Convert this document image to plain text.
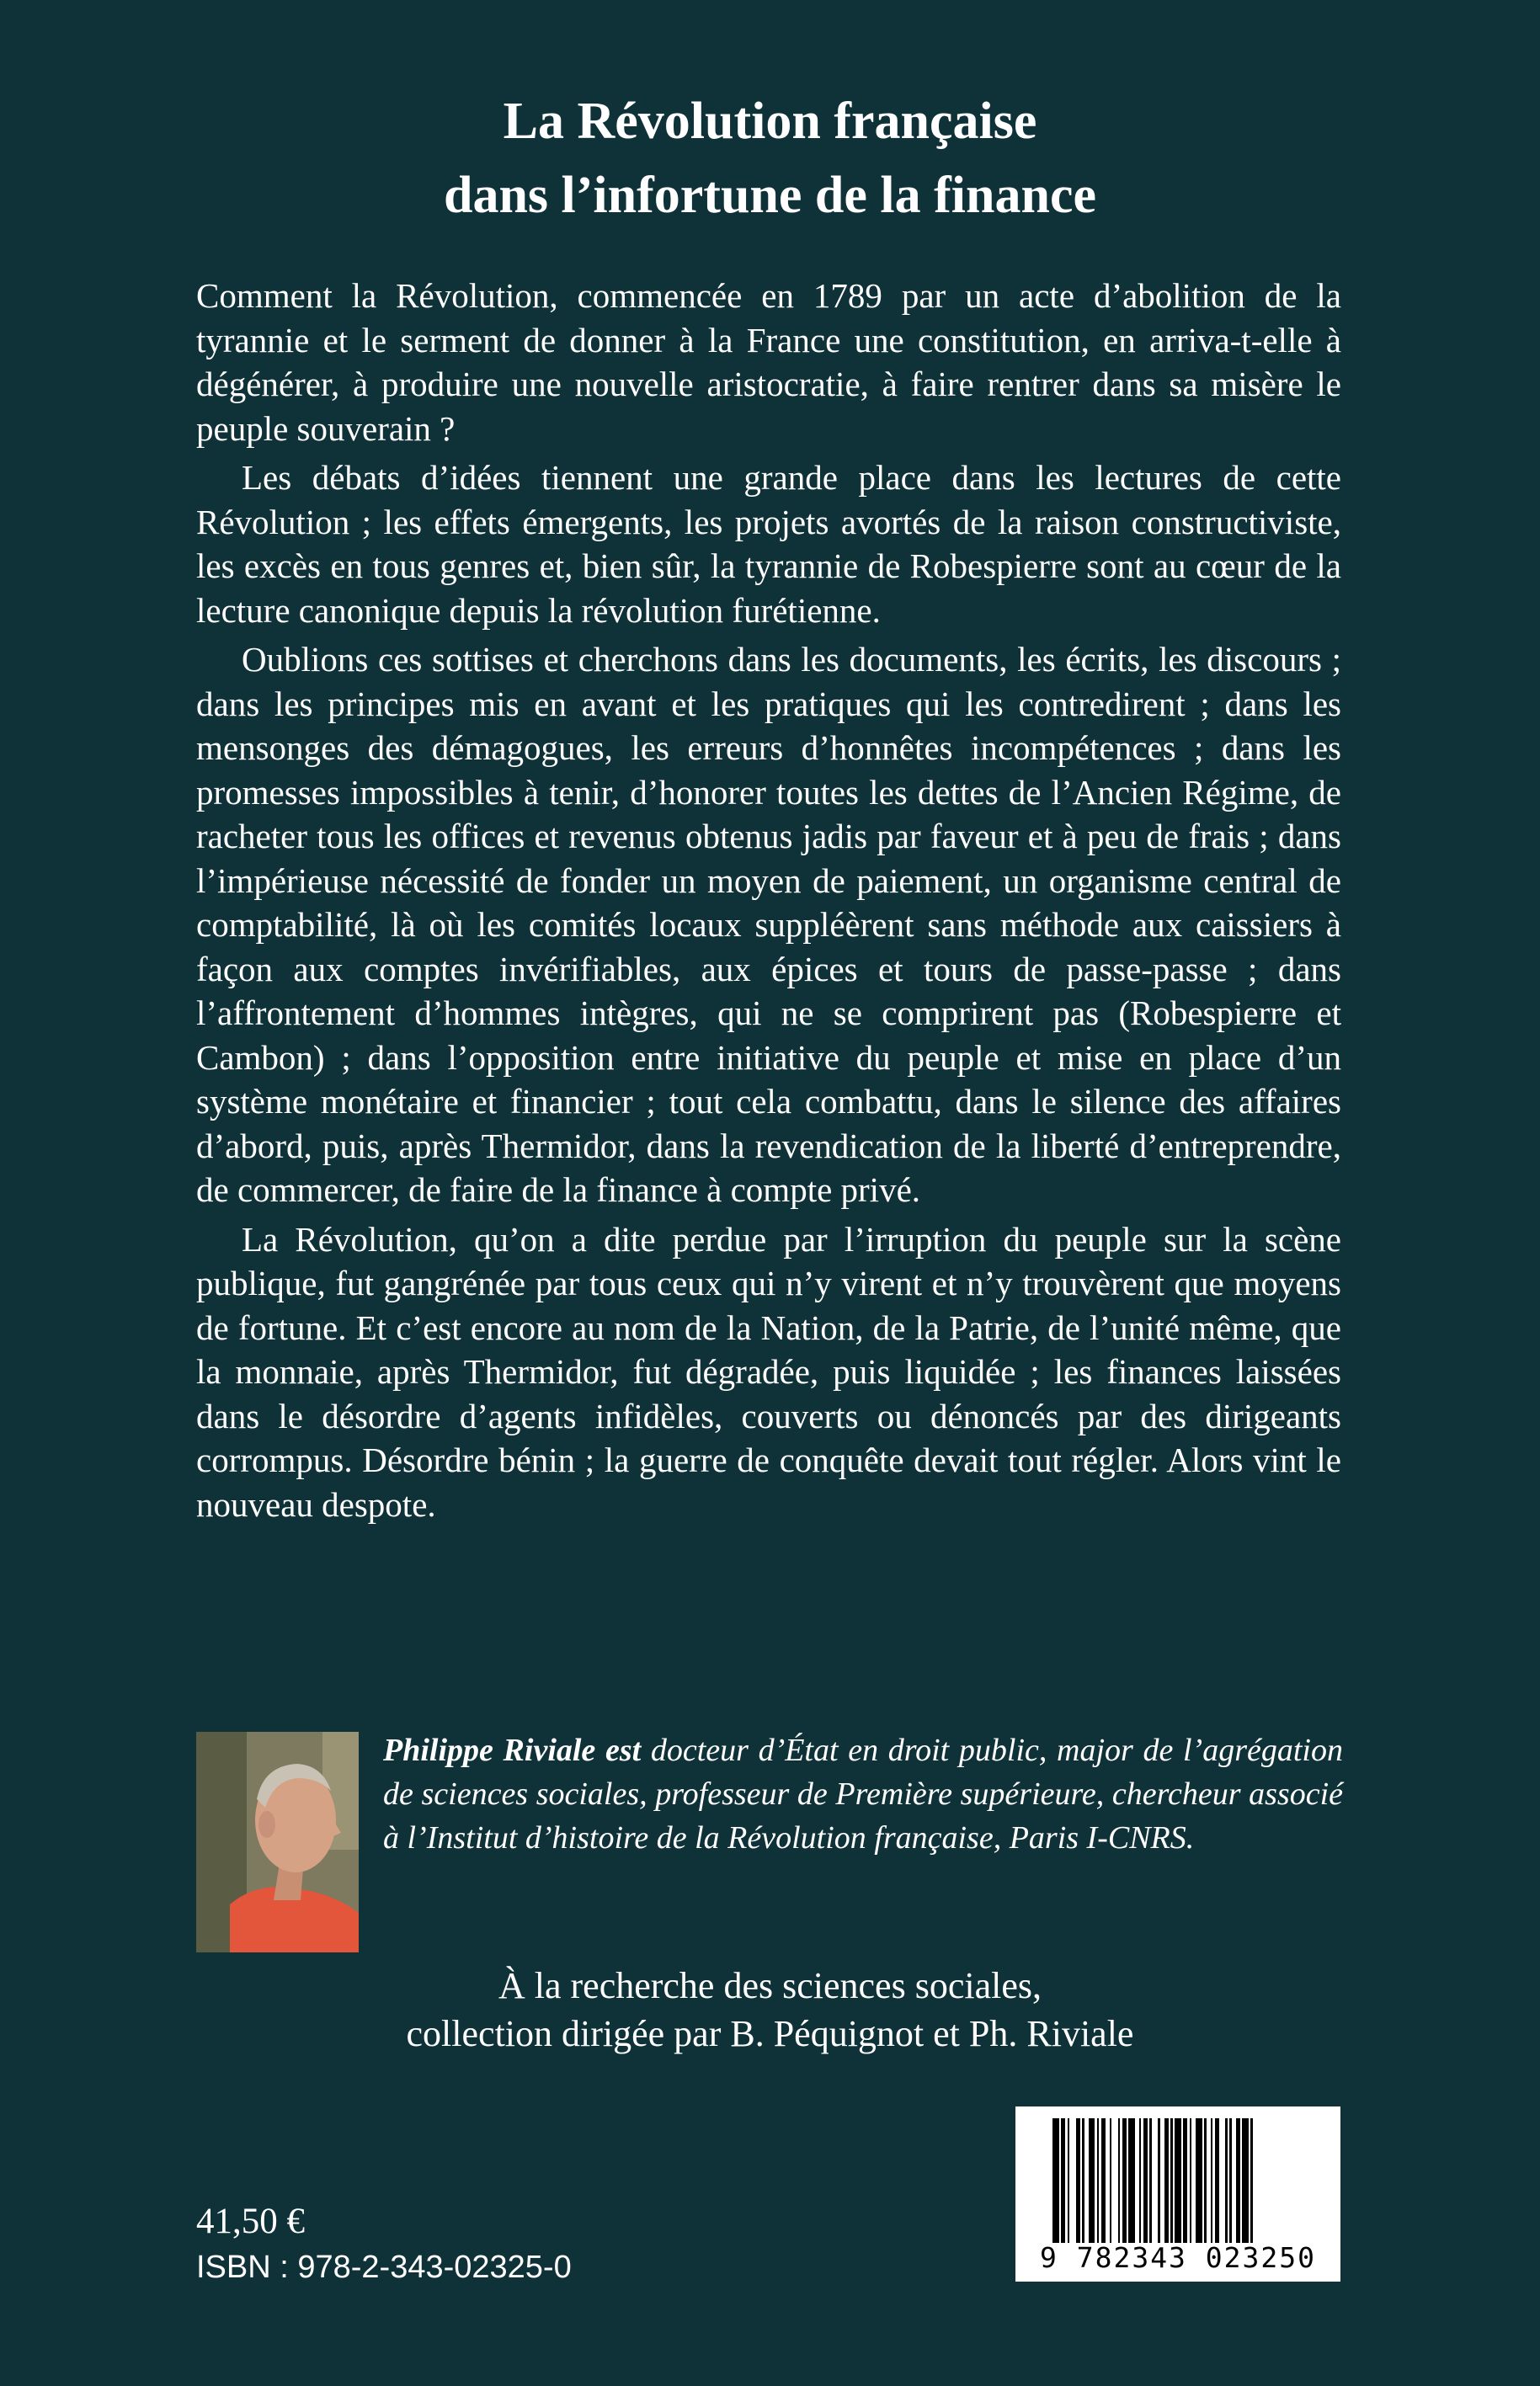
La Révolution française
dans l’infortune de la finance

Comment la Révolution, commencée en 1789 par un acte d’abolition de la tyrannie et le serment de donner à la France une constitution, en arriva-t-elle à dégénérer, à produire une nouvelle aristocratie, à faire rentrer dans sa misère le peuple souverain ?

Les débats d’idées tiennent une grande place dans les lectures de cette Révolution ; les effets émergents, les projets avortés de la raison constructiviste, les excès en tous genres et, bien sûr, la tyrannie de Robespierre sont au cœur de la lecture canonique depuis la révolution furétienne.

Oublions ces sottises et cherchons dans les documents, les écrits, les discours ; dans les principes mis en avant et les pratiques qui les contredirent ; dans les mensonges des démagogues, les erreurs d’honnêtes incompétences ; dans les promesses impossibles à tenir, d’honorer toutes les dettes de l’Ancien Régime, de racheter tous les offices et revenus obtenus jadis par faveur et à peu de frais ; dans l’impérieuse nécessité de fonder un moyen de paiement, un organisme central de comptabilité, là où les comités locaux suppléèrent sans méthode aux caissiers à façon aux comptes invérifiables, aux épices et tours de passe-passe ; dans l’affrontement d’hommes intègres, qui ne se comprirent pas (Robespierre et Cambon) ; dans l’opposition entre initiative du peuple et mise en place d’un système monétaire et financier ; tout cela combattu, dans le silence des affaires d’abord, puis, après Thermidor, dans la revendication de la liberté d’entreprendre, de commercer, de faire de la finance à compte privé.

La Révolution, qu’on a dite perdue par l’irruption du peuple sur la scène publique, fut gangrénée par tous ceux qui n’y virent et n’y trouvèrent que moyens de fortune. Et c’est encore au nom de la Nation, de la Patrie, de l’unité même, que la monnaie, après Thermidor, fut dégradée, puis liquidée ; les finances laissées dans le désordre d’agents infidèles, couverts ou dénoncés par des dirigeants corrompus. Désordre bénin ; la guerre de conquête devait tout régler. Alors vint le nouveau despote.

Philippe Riviale est docteur d’État en droit public, major de l’agrégation de sciences sociales, professeur de Première supérieure, chercheur associé à l’Institut d’histoire de la Révolution française, Paris I-CNRS.
À la recherche des sciences sociales,
collection dirigée par B. Péquignot et Ph. Riviale
9 782343 023250
41,50 €
ISBN : 978-2-343-02325-0
